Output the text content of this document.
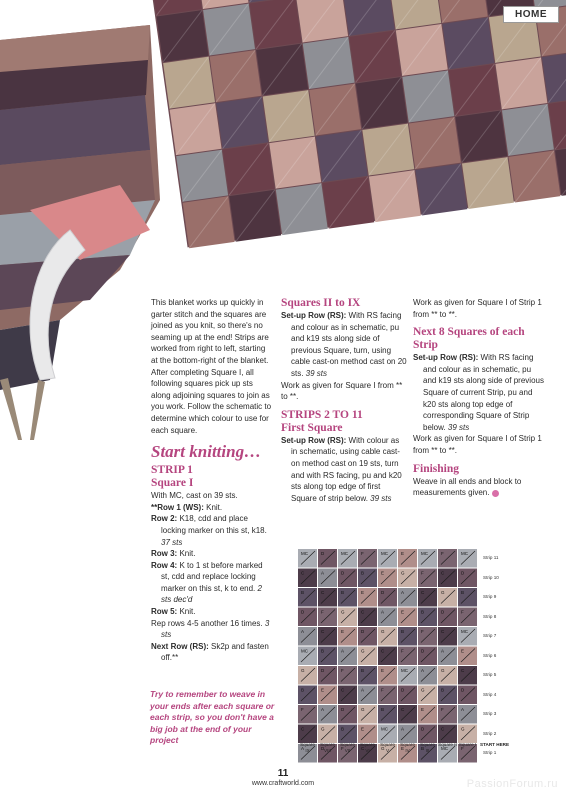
HOME

This blanket works up quickly in garter stitch and the squares are joined as you knit, so there's no seaming up at the end! Strips are worked from right to left, starting at the bottom-right of the blanket. After completing Square I, all following squares pick up sts along adjoining squares to join as you work. Follow the schematic to determine which colour to use for each square.

Start knitting…
STRIP 1
Square I

With MC, cast on 39 sts.

**Row 1 (WS): Knit.

Row 2: K18, cdd and place locking marker on this st, k18. 37 sts

Row 3: Knit.

Row 4: K to 1 st before marked st, cdd and replace locking marker on this st, k to end. 2 sts dec'd

Row 5: Knit.

Rep rows 4-5 another 16 times. 3 sts

Next Row (RS): Sk2p and fasten off.**

Try to remember to weave in your ends after each square or each strip, so you don't have a big job at the end of your project
Squares II to IX

Set-up Row (RS): With RS facing and colour as in schematic, pu and k19 sts along side of previous Square, turn, using cable cast-on method cast on 20 sts. 39 sts

Work as given for Square I from ** to **.

STRIPS 2 TO 11
First Square

Set-up Row (RS): With colour as in schematic, using cable cast-on method cast on 19 sts, turn and with RS facing, pu and k20 sts along top edge of first Square of strip below. 39 sts

Work as given for Square I of Strip 1 from ** to **.

Next 8 Squares of each Strip

Set-up Row (RS): With RS facing and colour as in schematic, pu and k19 sts along side of previous Square of current Strip, pu and k20 sts along top edge of corresponding Square of Strip below. 39 sts

Work as given for Square I of Strip 1 from ** to **.

Finishing

Weave in all ends and block to measurements given.

MC	D	MC	F	MC	E	MC	F	MC
C	A	D	B	E	G	F	C	D
B	C	B	E	D	A	C	G	B
D	F	G	C	A	E	B	D	F
A	C	E	D	G	B	F	C	MC
MC	B	A	G	C	F	D	A	E
G	D	F	B	E	MC	A	G	C
B	E	C	A	F	D	G	B	D
F	A	D	G	B	C	E	F	A
C	G	B	E	MC	A	D	C	G
A	D	F	C	G	E	B	MC	F
Strip 11
Strip 10
Strip 9
Strip 8
Strip 7
Strip 6
Strip 5
Strip 4
Strip 3
Strip 2
Strip 1
Square IX
Square VIII
Square VII
Square VI
Square V
Square IV
Square III
Square II Square I START HERE
11
www.craftworld.com	PassionForum.ru
